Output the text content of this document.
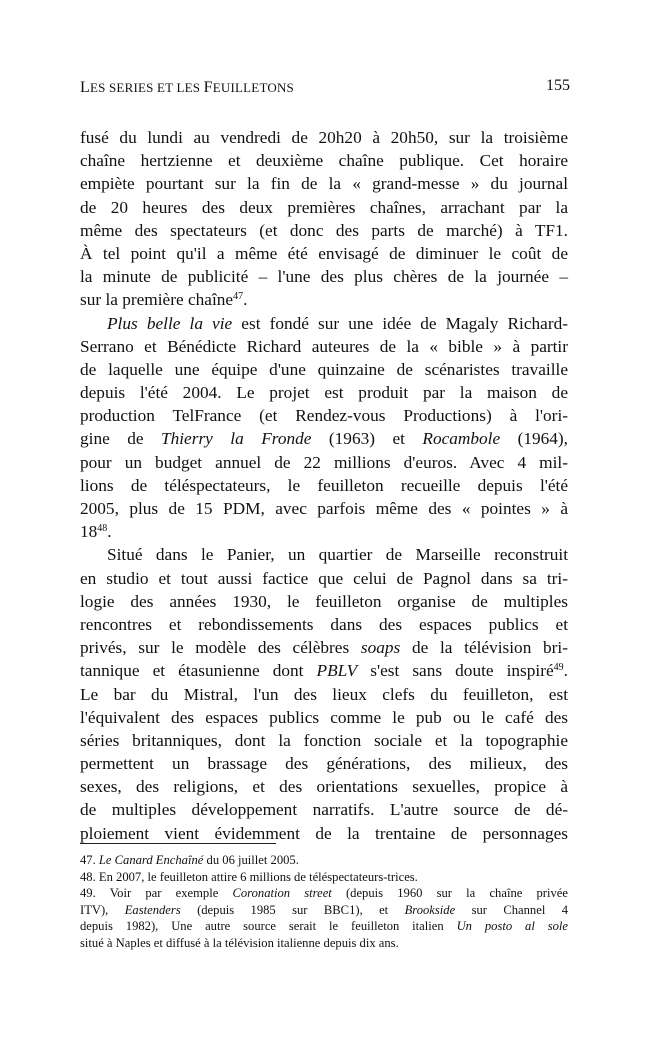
LES SERIES ET LES FEUILLETONS	155
fusé du lundi au vendredi de 20h20 à 20h50, sur la troisième
chaîne hertzienne et deuxième chaîne publique. Cet horaire
empiète pourtant sur la fin de la « grand-messe » du journal
de 20 heures des deux premières chaînes, arrachant par la
même des spectateurs (et donc des parts de marché) à TF1.
À tel point qu'il a même été envisagé de diminuer le coût de
la minute de publicité – l'une des plus chères de la journée –
sur la première chaîne$^{47}$.
Plus belle la vie est fondé sur une idée de Magaly Richard-
Serrano et Bénédicte Richard auteures de la « bible » à partir
de laquelle une équipe d'une quinzaine de scénaristes travaille
depuis l'été 2004. Le projet est produit par la maison de
production TelFrance (et Rendez-vous Productions) à l'ori-
gine de Thierry la Fronde (1963) et Rocambole (1964),
pour un budget annuel de 22 millions d'euros. Avec 4 mil-
lions de téléspectateurs, le feuilleton recueille depuis l'été
2005, plus de 15 PDM, avec parfois même des « pointes » à
$18^{48}$.
Situé dans le Panier, un quartier de Marseille reconstruit
en studio et tout aussi factice que celui de Pagnol dans sa tri-
logie des années 1930, le feuilleton organise de multiples
rencontres et rebondissements dans des espaces publics et
privés, sur le modèle des célèbres soaps de la télévision bri-
tannique et étasunienne dont PBLV s'est sans doute inspiré$^{49}$.
Le bar du Mistral, l'un des lieux clefs du feuilleton, est
l'équivalent des espaces publics comme le pub ou le café des
séries britanniques, dont la fonction sociale et la topographie
permettent un brassage des générations, des milieux, des
sexes, des religions, et des orientations sexuelles, propice à
de multiples développement narratifs. L'autre source de dé-
ploiement vient évidemment de la trentaine de personnages
47. Le Canard Enchaîné du 06 juillet 2005.
48. En 2007, le feuilleton attire 6 millions de téléspectateurs-trices.
49. Voir par exemple Coronation street (depuis 1960 sur la chaîne privée
ITV), Eastenders (depuis 1985 sur BBC1), et Brookside sur Channel 4
depuis 1982), Une autre source serait le feuilleton italien Un posto al sole
situé à Naples et diffusé à la télévision italienne depuis dix ans.
